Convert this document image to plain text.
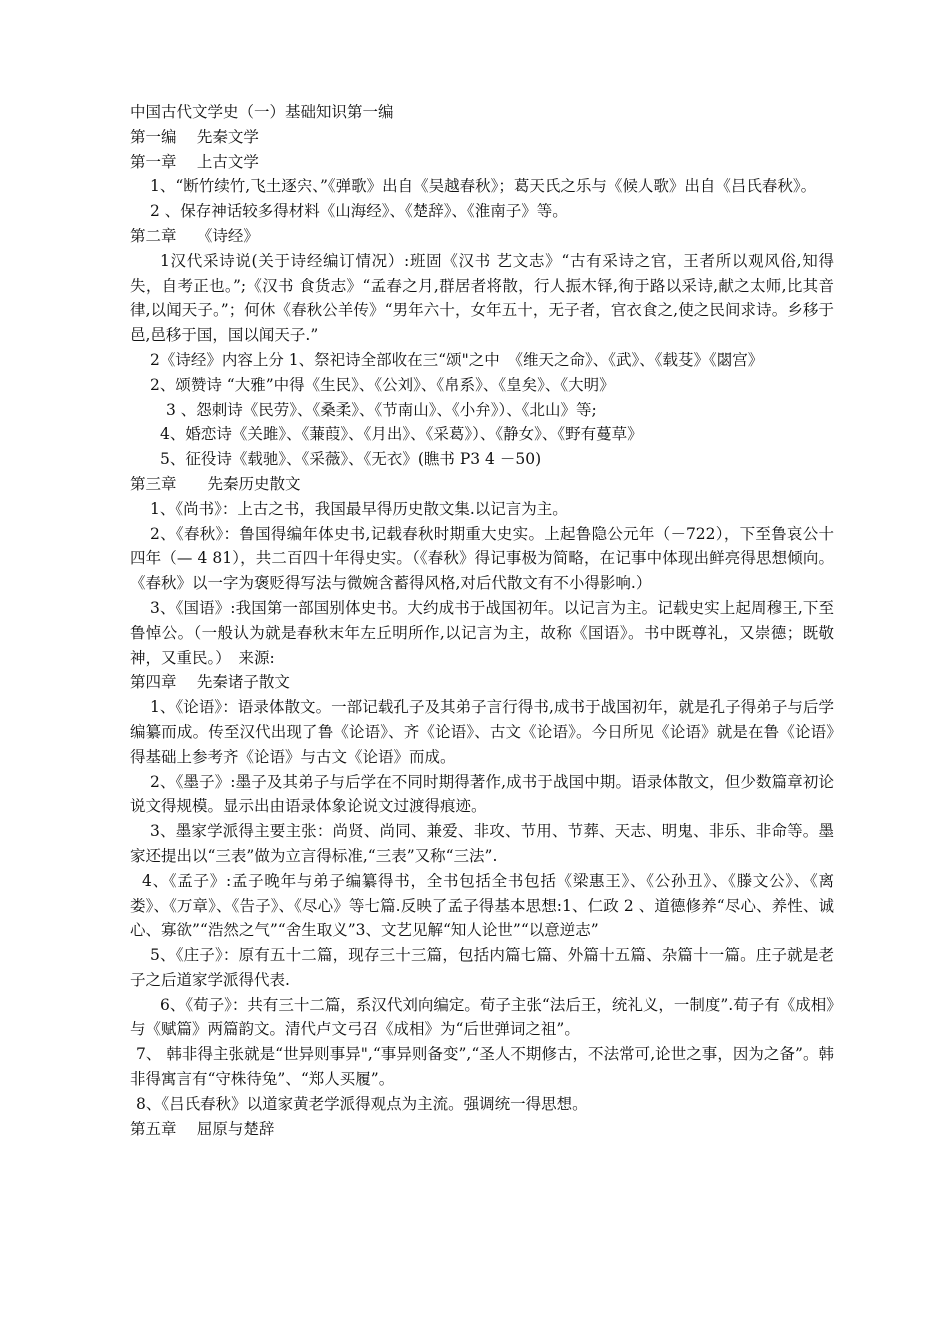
中国古代文学史（一）基础知识第一编

第一编　 先秦文学

第一章　 上古文学

1、“断竹续竹,飞土逐宍、”《弹歌》出自《吴越春秋》；葛天氏之乐与《候人歌》出自《吕氏春秋》。

2 、保存神话较多得材料《山海经》、《楚辞》、《淮南子》等。

第二章　 《诗经》

1汉代采诗说(关于诗经编订情况）:班固《汉书 艺文志》“古有采诗之官，王者所以观风俗,知得失，自考正也。”;《汉书 食货志》“孟春之月,群居者将散，行人振木铎,徇于路以采诗,献之太师,比其音律,以闻天子。”；何休《春秋公羊传》“男年六十，女年五十，无子者，官衣食之,使之民间求诗。乡移于邑,邑移于国，国以闻天子.”

2《诗经》内容上分 1、祭祀诗全部收在三“颂"之中　《维天之命》、《武》、《载芟》《閟宫》

2、颂赞诗 “大雅”中得《生民》、《公刘》、《帛系》、《皇矣》、《大明》

3 、怨刺诗《民劳》、《桑柔》、《节南山》、《小弁》）、《北山》等;

4、婚恋诗《关雎》、《蒹葭》、《月出》、《采葛》）、《静女》、《野有蔓草》

5、征役诗《载驰》、《采薇》、《无衣》(瞧书 P3 4 －50)

第三章　　先秦历史散文

1、《尚书》：上古之书，我国最早得历史散文集.以记言为主。

2、《春秋》：鲁国得编年体史书,记载春秋时期重大史实。上起鲁隐公元年（－722），下至鲁哀公十四年（— 4 81），共二百四十年得史实。（《春秋》得记事极为简略，在记事中体现出鲜亮得思想倾向。《春秋》以一字为褒贬得写法与微婉含蓄得风格,对后代散文有不小得影响.）

3、《国语》:我国第一部国别体史书。大约成书于战国初年。以记言为主。记载史实上起周穆王,下至鲁悼公。（一般认为就是春秋末年左丘明所作,以记言为主，故称《国语》。书中既尊礼，又崇德；既敬神，又重民。）　来源:

第四章　 先秦诸子散文

1、《论语》：语录体散文。一部记载孔子及其弟子言行得书,成书于战国初年，就是孔子得弟子与后学编纂而成。传至汉代出现了鲁《论语》、齐《论语》、古文《论语》。今日所见《论语》就是在鲁《论语》得基础上参考齐《论语》与古文《论语》而成。

2、《墨子》:墨子及其弟子与后学在不同时期得著作,成书于战国中期。语录体散文，但少数篇章初论说文得规模。显示出由语录体象论说文过渡得痕迹。

3、墨家学派得主要主张：尚贤、尚同、兼爱、非攻、节用、节葬、天志、明鬼、非乐、非命等。墨家还提出以“三表”做为立言得标准,“三表”又称“三法”.

4、《孟子》:孟子晚年与弟子编纂得书，全书包括全书包括《梁惠王》、《公孙丑》、《滕文公》、《离娄》、《万章》、《告子》、《尽心》等七篇.反映了孟子得基本思想:1、仁政 2 、道德修养“尽心、养性、诚心、寡欲”“浩然之气”“舍生取义”3、文艺见解“知人论世”“以意逆志”

5、《庄子》：原有五十二篇，现存三十三篇，包括内篇七篇、外篇十五篇、杂篇十一篇。庄子就是老子之后道家学派得代表.

6、《荀子》：共有三十二篇，系汉代刘向编定。荀子主张“法后王，统礼义，一制度”.荀子有《成相》与《赋篇》两篇韵文。清代卢文弓召《成相》为“后世弹词之祖”。

7、 韩非得主张就是“世异则事异",“事异则备变”,“圣人不期修古，不法常可,论世之事，因为之备”。韩非得寓言有“守株待兔”、“郑人买履”。

8、《吕氏春秋》以道家黄老学派得观点为主流。强调统一得思想。

第五章　 屈原与楚辞
